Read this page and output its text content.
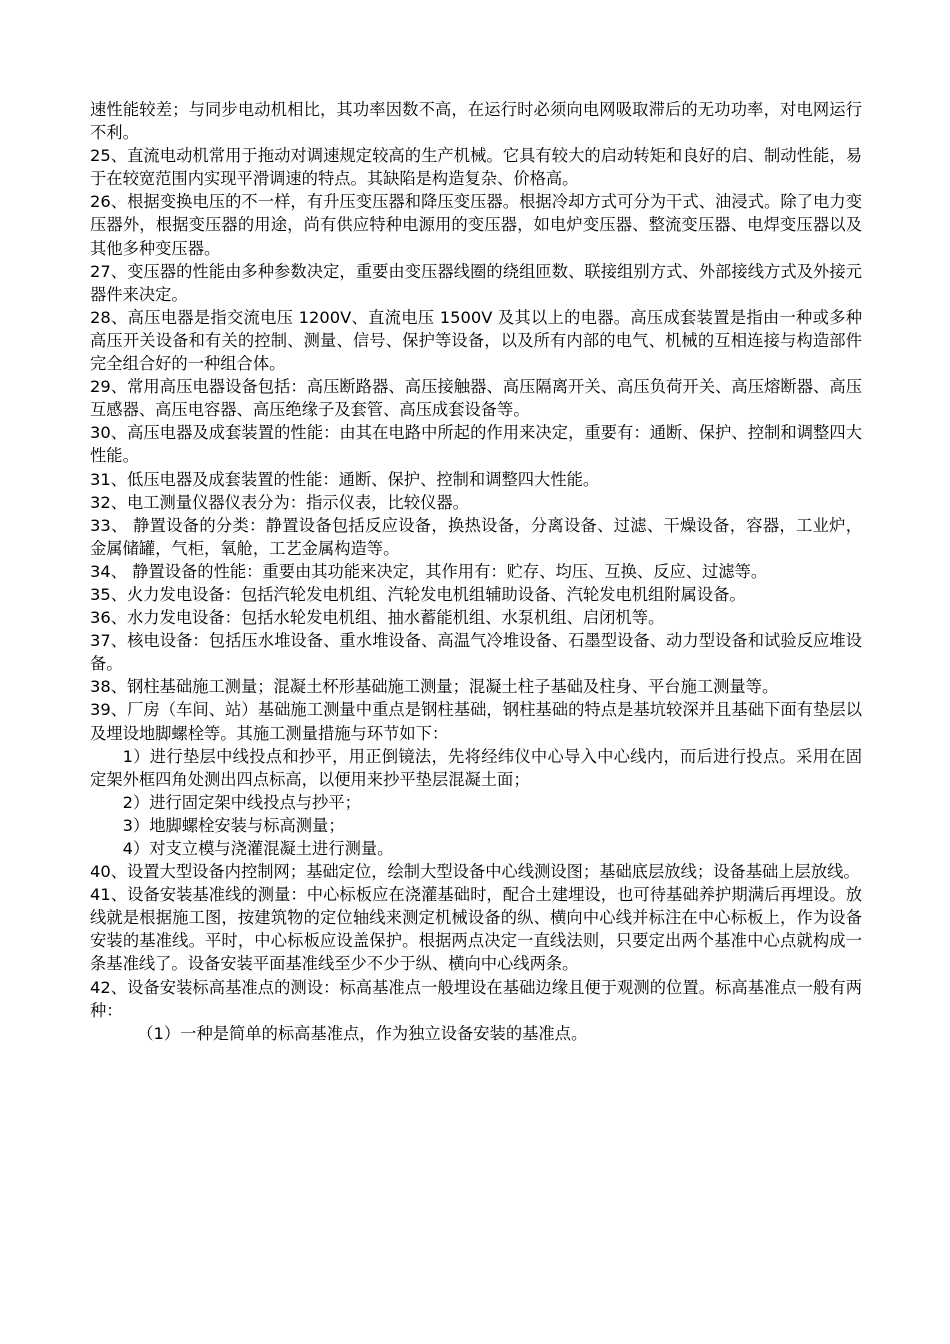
速性能较差；与同步电动机相比，其功率因数不高，在运行时必须向电网吸取滞后的无功功率，对电网运行不利。

25、直流电动机常用于拖动对调速规定较高的生产机械。它具有较大的启动转矩和良好的启、制动性能，易于在较宽范围内实现平滑调速的特点。其缺陷是构造复杂、价格高。

26、根据变换电压的不一样，有升压变压器和降压变压器。根据冷却方式可分为干式、油浸式。除了电力变压器外，根据变压器的用途，尚有供应特种电源用的变压器，如电炉变压器、整流变压器、电焊变压器以及其他多种变压器。

27、变压器的性能由多种参数决定，重要由变压器线圈的绕组匝数、联接组别方式、外部接线方式及外接元器件来决定。

28、高压电器是指交流电压 1200V、直流电压 1500V 及其以上的电器。高压成套装置是指由一种或多种高压开关设备和有关的控制、测量、信号、保护等设备，以及所有内部的电气、机械的互相连接与构造部件完全组合好的一种组合体。

29、常用高压电器设备包括：高压断路器、高压接触器、高压隔离开关、高压负荷开关、高压熔断器、高压互感器、高压电容器、高压绝缘子及套管、高压成套设备等。

30、高压电器及成套装置的性能：由其在电路中所起的作用来决定，重要有：通断、保护、控制和调整四大性能。

31、低压电器及成套装置的性能：通断、保护、控制和调整四大性能。

32、电工测量仪器仪表分为：指示仪表，比较仪器。

33、 静置设备的分类：静置设备包括反应设备，换热设备，分离设备、过滤、干燥设备，容器，工业炉，金属储罐，气柜，氧舱，工艺金属构造等。

34、 静置设备的性能：重要由其功能来决定，其作用有：贮存、均压、互换、反应、过滤等。

35、火力发电设备：包括汽轮发电机组、汽轮发电机组辅助设备、汽轮发电机组附属设备。

36、水力发电设备：包括水轮发电机组、抽水蓄能机组、水泵机组、启闭机等。

37、核电设备：包括压水堆设备、重水堆设备、高温气冷堆设备、石墨型设备、动力型设备和试验反应堆设备。

38、钢柱基础施工测量；混凝土杯形基础施工测量；混凝土柱子基础及柱身、平台施工测量等。

39、厂房（车间、站）基础施工测量中重点是钢柱基础，钢柱基础的特点是基坑较深并且基础下面有垫层以及埋设地脚螺栓等。其施工测量措施与环节如下：

1）进行垫层中线投点和抄平，用正倒镜法，先将经纬仪中心导入中心线内，而后进行投点。采用在固定架外框四角处测出四点标高，以便用来抄平垫层混凝土面；

2）进行固定架中线投点与抄平；

3）地脚螺栓安装与标高测量；

4）对支立模与浇灌混凝土进行测量。

40、设置大型设备内控制网；基础定位，绘制大型设备中心线测设图；基础底层放线；设备基础上层放线。

41、设备安装基准线的测量：中心标板应在浇灌基础时，配合土建埋设，也可待基础养护期满后再埋设。放线就是根据施工图，按建筑物的定位轴线来测定机械设备的纵、横向中心线并标注在中心标板上，作为设备安装的基准线。平时，中心标板应设盖保护。根据两点决定一直线法则，只要定出两个基准中心点就构成一条基准线了。设备安装平面基准线至少不少于纵、横向中心线两条。

42、设备安装标高基准点的测设：标高基准点一般埋设在基础边缘且便于观测的位置。标高基准点一般有两种：

（1）一种是简单的标高基准点，作为独立设备安装的基准点。
